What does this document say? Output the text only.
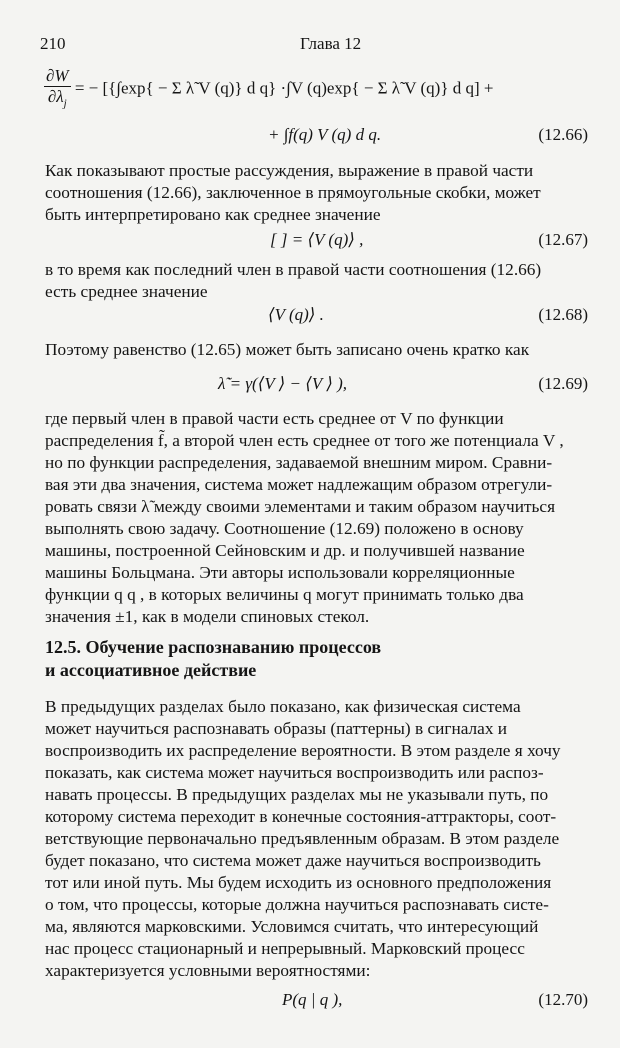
210	Глава 12
$\frac{\partial W}{\partial\lambda_j}$ = − [{∫exp{ − Σ λ̃ V (q)} d q} ·∫V (q)exp{ − Σ λ̃ V (q)} d q] +
+ ∫f(q) V (q) d q.	(12.66)
Как показывают простые рассуждения, выражение в правой части
соотношения (12.66), заключенное в прямоугольные скобки, может
быть интерпретировано как среднее значение
[ ] = ⟨V (q)⟩ ,	(12.67)
в то время как последний член в правой части соотношения (12.66)
есть среднее значение
⟨V (q)⟩ .	(12.68)
Поэтому равенство (12.65) может быть записано очень кратко как
λ̃̇ = γ(⟨V ⟩ − ⟨V ⟩ ),	(12.69)
где первый член в правой части есть среднее от V по функции
распределения f̃, а второй член есть среднее от того же потенциала V ,
но по функции распределения, задаваемой внешним миром. Сравни-
вая эти два значения, система может надлежащим образом отрегули-
ровать связи λ̃ между своими элементами и таким образом научиться
выполнять свою задачу. Соотношение (12.69) положено в основу
машины, построенной Сейновским и др. и получившей название
машины Больцмана. Эти авторы использовали корреляционные
функции q q , в которых величины q могут принимать только два
значения ±1, как в модели спиновых стекол.
12.5. Обучение распознаванию процессов
и ассоциативное действие
В предыдущих разделах было показано, как физическая система
может научиться распознавать образы (паттерны) в сигналах и
воспроизводить их распределение вероятности. В этом разделе я хочу
показать, как система может научиться воспроизводить или распоз-
навать процессы. В предыдущих разделах мы не указывали путь, по
которому система переходит в конечные состояния-аттракторы, соот-
ветствующие первоначально предъявленным образам. В этом разделе
будет показано, что система может даже научиться воспроизводить
тот или иной путь. Мы будем исходить из основного предположения
о том, что процессы, которые должна научиться распознавать систе-
ма, являются марковскими. Условимся считать, что интересующий
нас процесс стационарный и непрерывный. Марковский процесс
характеризуется условными вероятностями:
P(q | q ),	(12.70)
